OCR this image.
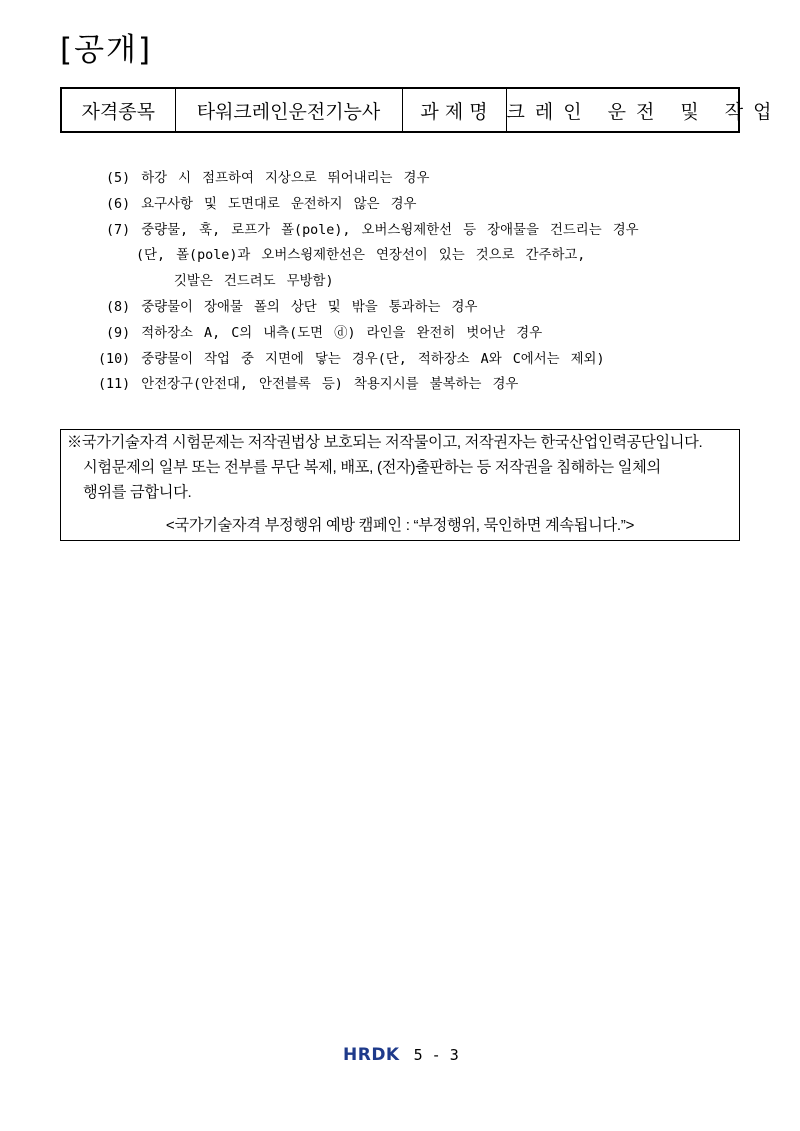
[공개]
자격종목	타워크레인운전기능사	과 제 명	크레인 운전 및 작업
(5) 하강 시 점프하여 지상으로 뛰어내리는 경우
(6) 요구사항 및 도면대로 운전하지 않은 경우
(7) 중량물, 훅, 로프가 폴(pole), 오버스윙제한선 등 장애물을 건드리는 경우
(단, 폴(pole)과 오버스윙제한선은 연장선이 있는 것으로 간주하고,
깃발은 건드려도 무방함)
(8) 중량물이 장애물 폴의 상단 및 밖을 통과하는 경우
(9) 적하장소 A, C의 내측(도면 ⓓ) 라인을 완전히 벗어난 경우
(10) 중량물이 작업 중 지면에 닿는 경우(단, 적하장소 A와 C에서는 제외)
(11) 안전장구(안전대, 안전블록 등) 착용지시를 불복하는 경우
※국가기술자격 시험문제는 저작권법상 보호되는 저작물이고, 저작권자는 한국산업인력공단입니다.
시험문제의 일부 또는 전부를 무단 복제, 배포, (전자)출판하는 등 저작권을 침해하는 일체의
행위를 금합니다.
<국가기술자격 부정행위 예방 캠페인 : “부정행위, 묵인하면 계속됩니다.”>
HRDK 5 - 3
